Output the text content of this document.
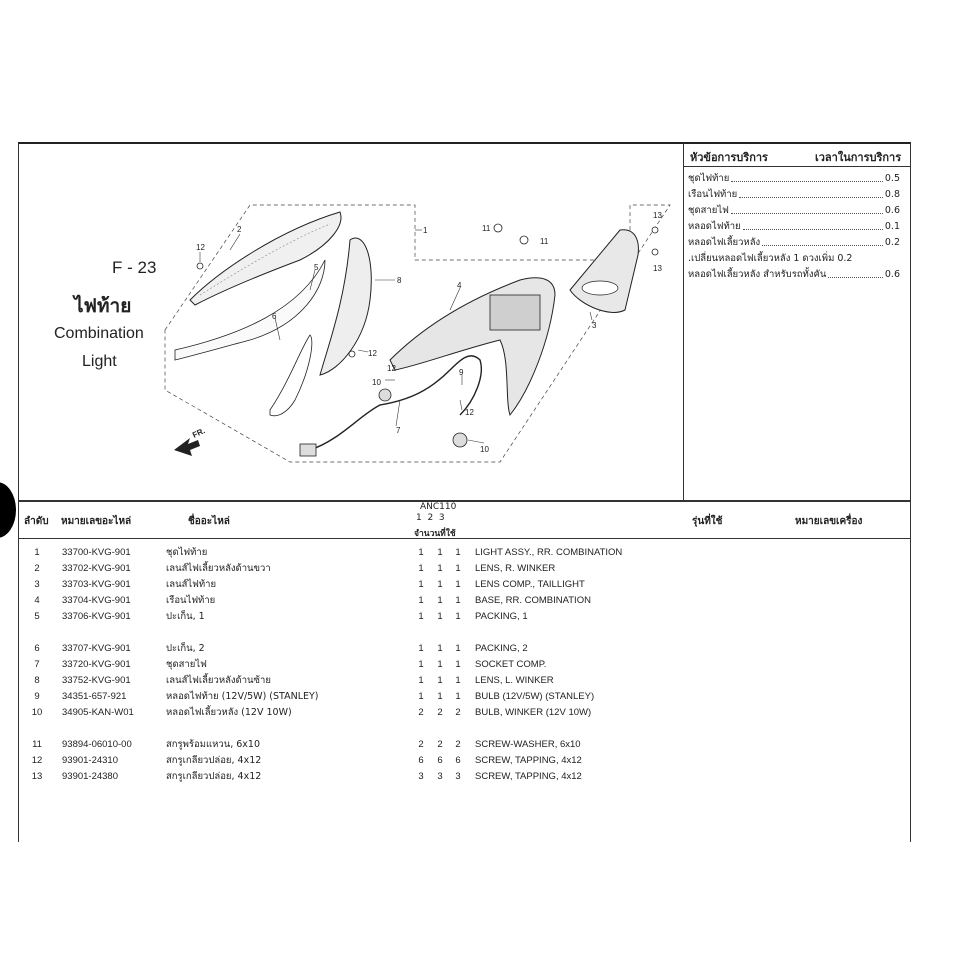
F - 23
ไฟท้าย
Combination
Light
1
2
3
4
5
6
7
8
9
10
10
11
11
12
12
12
12
13
13
FR.
หัวข้อการบริการ	เวลาในการบริการ
ชุดไฟท้าย	0.5
เรือนไฟท้าย	0.8
ชุดสายไฟ	0.6
หลอดไฟท้าย	0.1
หลอดไฟเลี้ยวหลัง	0.2
.เปลี่ยนหลอดไฟเลี้ยวหลัง 1 ดวงเพิ่ม 0.2
หลอดไฟเลี้ยวหลัง สำหรับรถทั้งคัน	0.6
ลำดับ หมายเลขอะไหล่	ชื่ออะไหล่
ANC110
1  2  3
จำนวนที่ใช้
รุ่นที่ใช้	หมายเลขเครื่อง
1	33700-KVG-901	ชุดไฟท้าย	1 1 1 LIGHT ASSY., RR. COMBINATION
2	33702-KVG-901	เลนส์ไฟเลี้ยวหลังด้านขวา	1 1 1 LENS, R. WINKER
3	33703-KVG-901	เลนส์ไฟท้าย	1 1 1 LENS COMP., TAILLIGHT
4	33704-KVG-901	เรือนไฟท้าย	1 1 1 BASE, RR. COMBINATION
5	33706-KVG-901	ปะเก็น, 1	1 1 1 PACKING, 1
6	33707-KVG-901	ปะเก็น, 2	1 1 1 PACKING, 2
7	33720-KVG-901	ชุดสายไฟ	1 1 1 SOCKET COMP.
8	33752-KVG-901	เลนส์ไฟเลี้ยวหลังด้านซ้าย	1 1 1 LENS, L. WINKER
9	34351-657-921	หลอดไฟท้าย (12V/5W) (STANLEY)	1 1 1 BULB (12V/5W) (STANLEY)
10 34905-KAN-W01	หลอดไฟเลี้ยวหลัง (12V 10W)	2 2 2 BULB, WINKER (12V 10W)
11 93894-06010-00	สกรูพร้อมแหวน, 6x10	2 2 2 SCREW-WASHER, 6x10
12 93901-24310	สกรูเกลียวปล่อย, 4x12	6 6 6 SCREW, TAPPING, 4x12
13 93901-24380	สกรูเกลียวปล่อย, 4x12	3 3 3 SCREW, TAPPING, 4x12
